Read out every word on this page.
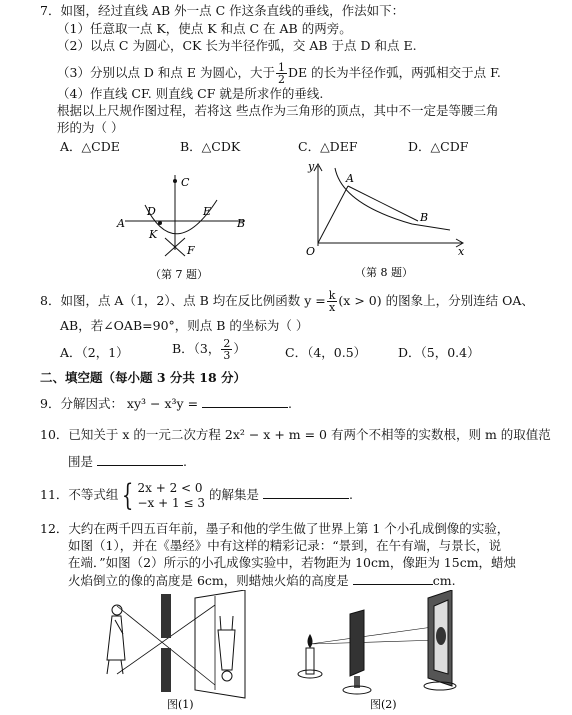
7．如图，经过直线 AB 外一点 C 作这条直线的垂线，作法如下：
（1）任意取一点 K，使点 K 和点 C 在 AB 的两旁。
（2）以点 C 为圆心，CK 长为半径作弧，交 AB 于点 D 和点 E.
（3）分别以点 D 和点 E 为圆心，大于 $\frac{1}{2}$ DE 的长为半径作弧，两弧相交于点 F.
（4）作直线 CF. 则直线 CF 就是所求作的垂线.
根据以上尺规作图过程，若将这 些点作为三角形的顶点，其中不一定是等腰三角
形的为（ ）
A．△CDE	B．△CDK	C．△DEF	D．△CDF
C
D	E
A	B
K
F
（第 7 题）
y
A
B
O	x
（第 8 题）
8．如图，点 A（1，2）、点 B 均在反比例函数 $y = \frac{k}{x} (x > 0)$ 的图象上，分别连结 OA、
AB，若∠OAB=90°，则点 B 的坐标为（ ）
A．（2，1）	B．（3， $\frac{2}{3}$ ）	C．（4，0.5）	D．（5，0.4）
二、填空题（每小题 3 分共 18 分）
9．分解因式： xy³ − x³y =	.
10．已知关于 x 的一元二次方程 2x² − x + m = 0 有两个不相等的实数根，则 m 的取值范
围是	.
11．不等式组 { 2x + 2 < 0
−x + 1 ≤ 3
的解集是	.
12．大约在两千四五百年前，墨子和他的学生做了世界上第 1 个小孔成倒像的实验，
如图（1），并在《墨经》中有这样的精彩记录：“景到，在午有端，与景长，说
在端．”如图（2）所示的小孔成像实验中，若物距为 10cm，像距为 15cm，蜡烛
火焰倒立的像的高度是 6cm，则蜡烛火焰的高度是	cm.
图(1)	图(2)
